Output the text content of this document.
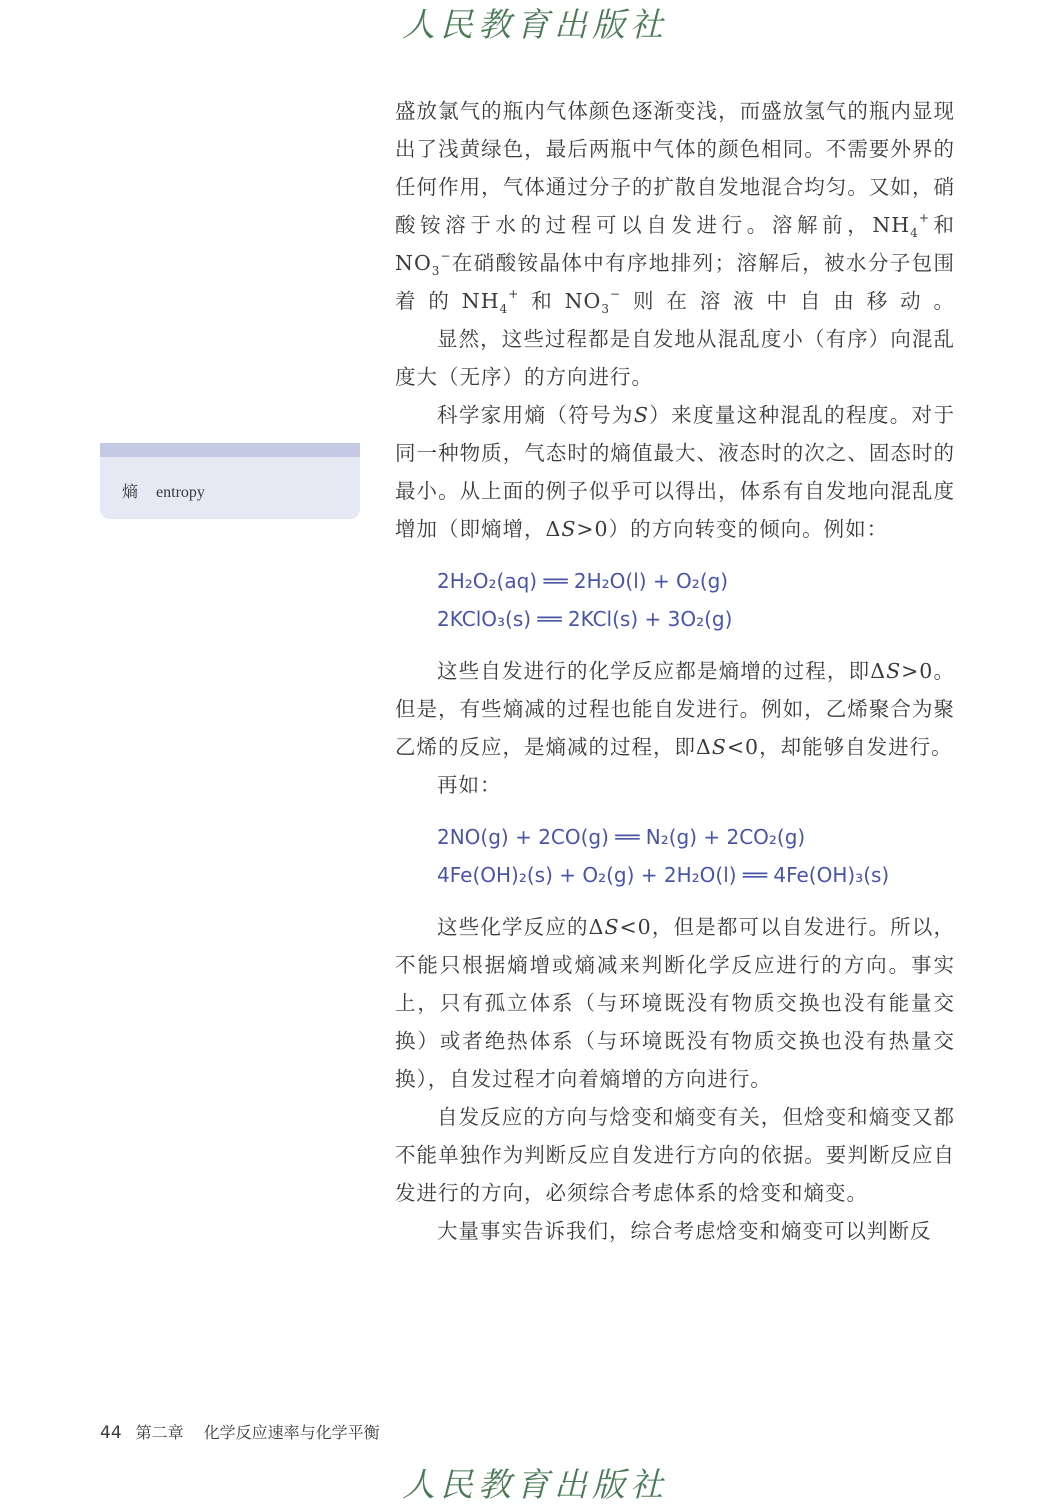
人民教育出版社
熵 entropy

盛放氯气的瓶内气体颜色逐渐变浅，而盛放氢气的瓶内显现出了浅黄绿色，最后两瓶中气体的颜色相同。不需要外界的任何作用，气体通过分子的扩散自发地混合均匀。又如，硝酸铵溶于水的过程可以自发进行。溶解前，$NH_4^+$和$NO_3^-$在硝酸铵晶体中有序地排列；溶解后，被水分子包围着的$NH_4^+$和$NO_3^-$则在溶液中自由移动。

显然，这些过程都是自发地从混乱度小（有序）向混乱度大（无序）的方向进行。

科学家用熵（符号为S）来度量这种混乱的程度。对于同一种物质，气态时的熵值最大、液态时的次之、固态时的最小。从上面的例子似乎可以得出，体系有自发地向混乱度增加（即熵增，ΔS>0）的方向转变的倾向。例如：

2H₂O₂(aq) ══ 2H₂O(l) + O₂(g)
2KClO₃(s) ══ 2KCl(s) + 3O₂(g)

这些自发进行的化学反应都是熵增的过程，即ΔS>0。但是，有些熵减的过程也能自发进行。例如，乙烯聚合为聚乙烯的反应，是熵减的过程，即ΔS<0，却能够自发进行。

再如：

2NO(g) + 2CO(g) ══ N₂(g) + 2CO₂(g)
4Fe(OH)₂(s) + O₂(g) + 2H₂O(l) ══ 4Fe(OH)₃(s)

这些化学反应的ΔS<0，但是都可以自发进行。所以，不能只根据熵增或熵减来判断化学反应进行的方向。事实上，只有孤立体系（与环境既没有物质交换也没有能量交换）或者绝热体系（与环境既没有物质交换也没有热量交换），自发过程才向着熵增的方向进行。

自发反应的方向与焓变和熵变有关，但焓变和熵变又都不能单独作为判断反应自发进行方向的依据。要判断反应自发进行的方向，必须综合考虑体系的焓变和熵变。

大量事实告诉我们，综合考虑焓变和熵变可以判断反

44 第二章 化学反应速率与化学平衡
人民教育出版社
